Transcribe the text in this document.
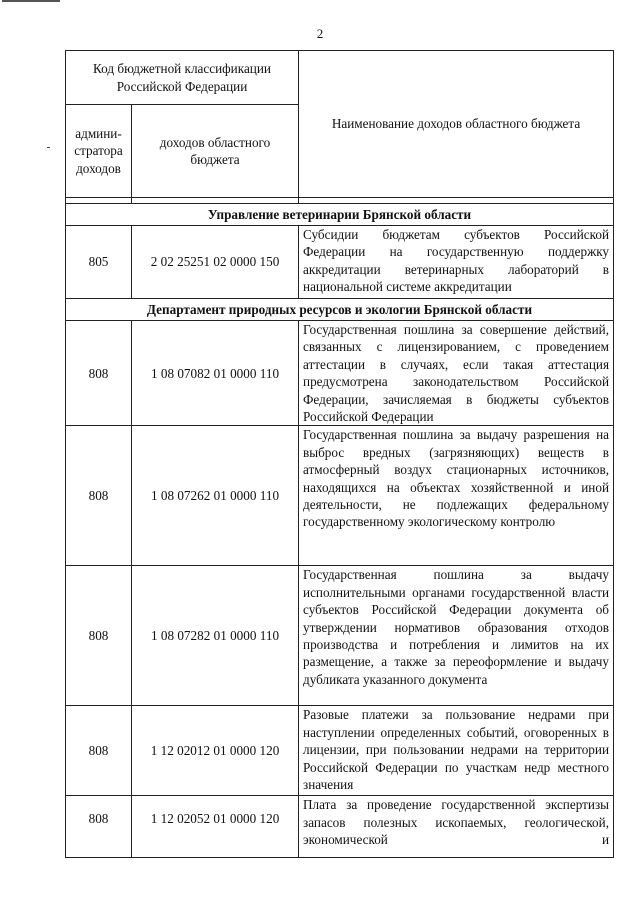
2
Код бюджетной классификации Российской Федерации		Наименование доходов областного бюджета
админи-стратора доходов	доходов областного бюджета	

Управление ветеринарии Брянской области		
805	2 02 25251 02 0000 150	Субсидии бюджетам субъектов Российской Федерации на государственную поддержку аккредитации ветеринарных лабораторий в национальной системе аккредитации
Департамент природных ресурсов и экологии Брянской области		
808	1 08 07082 01 0000 110	Государственная пошлина за совершение действий, связанных с лицензированием, с проведением аттестации в случаях, если такая аттестация предусмотрена законодательством Российской Федерации, зачисляемая в бюджеты субъектов Российской Федерации
808	1 08 07262 01 0000 110	Государственная пошлина за выдачу разрешения на выброс вредных (загрязняющих) веществ в атмосферный воздух стационарных источников, находящихся на объектах хозяйственной и иной деятельности, не подлежащих федеральному государственному экологическому контролю
808	1 08 07282 01 0000 110	Государственная пошлина за выдачу исполнительными органами государственной власти субъектов Российской Федерации документа об утверждении нормативов образования отходов производства и потребления и лимитов на их размещение, а также за переоформление и выдачу дубликата указанного документа
808	1 12 02012 01 0000 120	Разовые платежи за пользование недрами при наступлении определенных событий, оговоренных в лицензии, при пользовании недрами на территории Российской Федерации по участкам недр местного значения
808	1 12 02052 01 0000 120	Плата за проведение государственной экспертизы запасов полезных ископаемых, геологической, экономической и
